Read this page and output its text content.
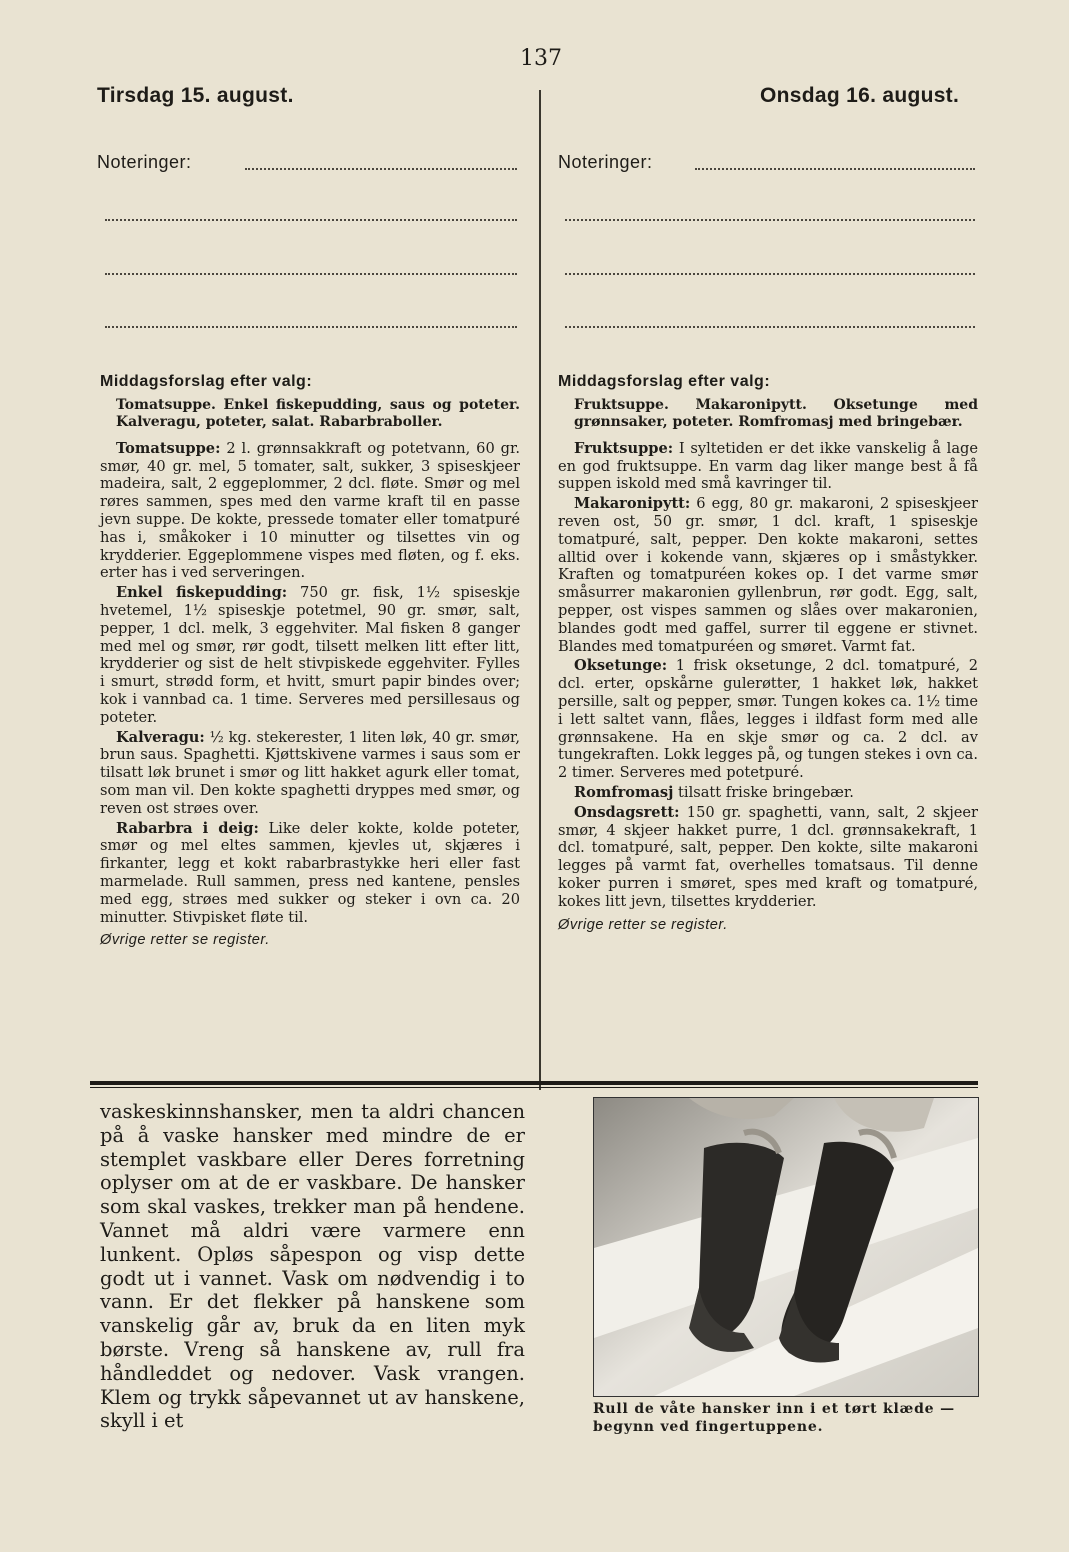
137
Tirsdag 15. august.
Noteringer:
Onsdag 16. august.
Noteringer:

Middagsforslag efter valg:

Tomatsuppe. Enkel fiskepudding, saus og poteter. Kalveragu, poteter, salat. Rabarbraboller.

Tomatsuppe: 2 l. grønnsakkraft og potetvann, 60 gr. smør, 40 gr. mel, 5 tomater, salt, sukker, 3 spiseskjeer madeira, salt, 2 eggeplommer, 2 dcl. fløte. Smør og mel røres sammen, spes med den varme kraft til en passe jevn suppe. De kokte, pressede tomater eller tomatpuré has i, småkoker i 10 minutter og tilsettes vin og krydderier. Eggeplommene vispes med fløten, og f. eks. erter has i ved serveringen.

Enkel fiskepudding: 750 gr. fisk, 1½ spiseskje hvetemel, 1½ spiseskje potetmel, 90 gr. smør, salt, pepper, 1 dcl. melk, 3 eggehviter. Mal fisken 8 ganger med mel og smør, rør godt, tilsett melken litt efter litt, krydderier og sist de helt stivpiskede eggehviter. Fylles i smurt, strødd form, et hvitt, smurt papir bindes over; kok i vannbad ca. 1 time. Serveres med persillesaus og poteter.

Kalveragu: ½ kg. stekerester, 1 liten løk, 40 gr. smør, brun saus. Spaghetti. Kjøttskivene varmes i saus som er tilsatt løk brunet i smør og litt hakket agurk eller tomat, som man vil. Den kokte spaghetti dryppes med smør, og reven ost strøes over.

Rabarbra i deig: Like deler kokte, kolde poteter, smør og mel eltes sammen, kjevles ut, skjæres i firkanter, legg et kokt rabarbrastykke heri eller fast marmelade. Rull sammen, press ned kantene, pensles med egg, strøes med sukker og steker i ovn ca. 20 minutter. Stivpisket fløte til.

Øvrige retter se register.

Middagsforslag efter valg:

Fruktsuppe. Makaronipytt. Oksetunge med grønnsaker, poteter. Romfromasj med bringebær.

Fruktsuppe: I syltetiden er det ikke vanskelig å lage en god fruktsuppe. En varm dag liker mange best å få suppen iskold med små kavringer til.

Makaronipytt: 6 egg, 80 gr. makaroni, 2 spiseskjeer reven ost, 50 gr. smør, 1 dcl. kraft, 1 spiseskje tomatpuré, salt, pepper. Den kokte makaroni, settes alltid over i kokende vann, skjæres op i småstykker. Kraften og tomatpuréen kokes op. I det varme smør småsurrer makaronien gyllenbrun, rør godt. Egg, salt, pepper, ost vispes sammen og slåes over makaronien, blandes godt med gaffel, surrer til eggene er stivnet. Blandes med tomatpuréen og smøret. Varmt fat.

Oksetunge: 1 frisk oksetunge, 2 dcl. tomatpuré, 2 dcl. erter, opskårne gulerøtter, 1 hakket løk, hakket persille, salt og pepper, smør. Tungen kokes ca. 1½ time i lett saltet vann, flåes, legges i ildfast form med alle grønnsakene. Ha en skje smør og ca. 2 dcl. av tungekraften. Lokk legges på, og tungen stekes i ovn ca. 2 timer. Serveres med potetpuré.

Romfromasj tilsatt friske bringebær.

Onsdagsrett: 150 gr. spaghetti, vann, salt, 2 skjeer smør, 4 skjeer hakket purre, 1 dcl. grønnsakekraft, 1 dcl. tomatpuré, salt, pepper. Den kokte, silte makaroni legges på varmt fat, overhelles tomatsaus. Til denne koker purren i smøret, spes med kraft og tomatpuré, kokes litt jevn, tilsettes krydderier.

Øvrige retter se register.

vaskeskinnshansker, men ta aldri chancen på å vaske hansker med mindre de er stemplet vaskbare eller Deres forretning oplyser om at de er vaskbare. De hansker som skal vaskes, trekker man på hendene. Vannet må aldri være varmere enn lunkent. Opløs såpespon og visp dette godt ut i vannet. Vask om nødvendig i to vann. Er det flekker på hanskene som vanskelig går av, bruk da en liten myk børste. Vreng så hanskene av, rull fra håndleddet og nedover. Vask vrangen. Klem og trykk såpevannet ut av hanskene, skyll i et
Rull de våte hansker inn i et tørt klæde — begynn ved fingertuppene.
